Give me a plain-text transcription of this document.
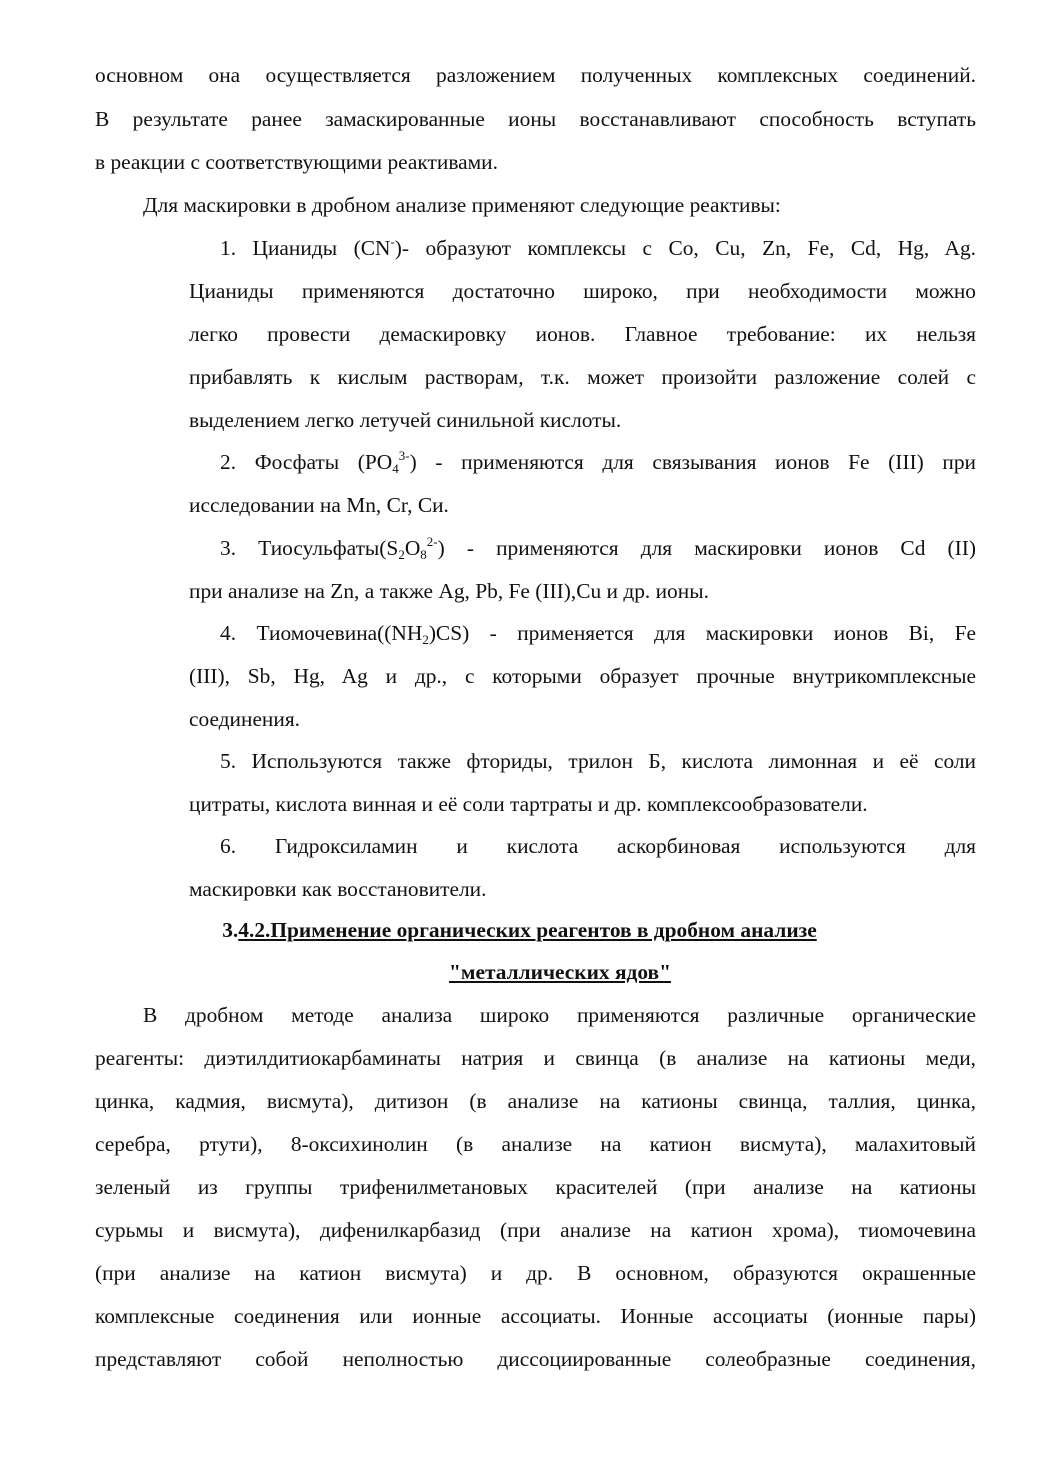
основном она осуществляется разложением полученных комплексных соединений.
В результате ранее замаскированные ионы восстанавливают способность вступать
в реакции с соответствующими реактивами.
Для маскировки в дробном анализе применяют следующие реактивы:
1. Цианиды (CN-)- образуют комплексы с Co, Cu, Zn, Fe, Cd, Hg, Ag.
Цианиды применяются достаточно широко, при необходимости можно
легко провести демаскировку ионов. Главное требование: их нельзя
прибавлять к кислым растворам, т.к. может произойти разложение солей с
выделением легко летучей синильной кислоты.
2. Фосфаты $(PO_4^{3-})$ - применяются для связывания ионов Fe (III) при
исследовании на Mn, Cr, Cи.
3. $Тиосульфаты(S_2O_8^{2-})$ - применяются для маскировки ионов Cd (II)
при анализе на Zn, а также Ag, Pb, Fe (III),Cu и др. ионы.
4. $Тиомочевина((NH_2)CS)$ - применяется для маскировки ионов Bi, Fe
(III), Sb, Hg, Ag и др., с которыми образует прочные внутрикомплексные
соединения.
5. Используются также фториды, трилон Б, кислота лимонная и её соли
цитраты, кислота винная и её соли тартраты и др. комплексообразователи.
6. Гидроксиламин и кислота аскорбиновая используются для
маскировки как восстановители.
3.4.2.Применение органических реагентов в дробном анализе
"металлических ядов"
В дробном методе анализа широко применяются различные органические
реагенты: диэтилдитиокарбаминаты натрия и свинца (в анализе на катионы меди,
цинка, кадмия, висмута), дитизон (в анализе на катионы свинца, таллия, цинка,
серебра, ртути), 8-оксихинолин (в анализе на катион висмута), малахитовый
зеленый из группы трифенилметановых красителей (при анализе на катионы
сурьмы и висмута), дифенилкарбазид (при анализе на катион хрома), тиомочевина
(при анализе на катион висмута) и др. В основном, образуются окрашенные
комплексные соединения или ионные ассоциаты. Ионные ассоциаты (ионные пары)
представляют собой неполностью диссоциированные солеобразные соединения,
